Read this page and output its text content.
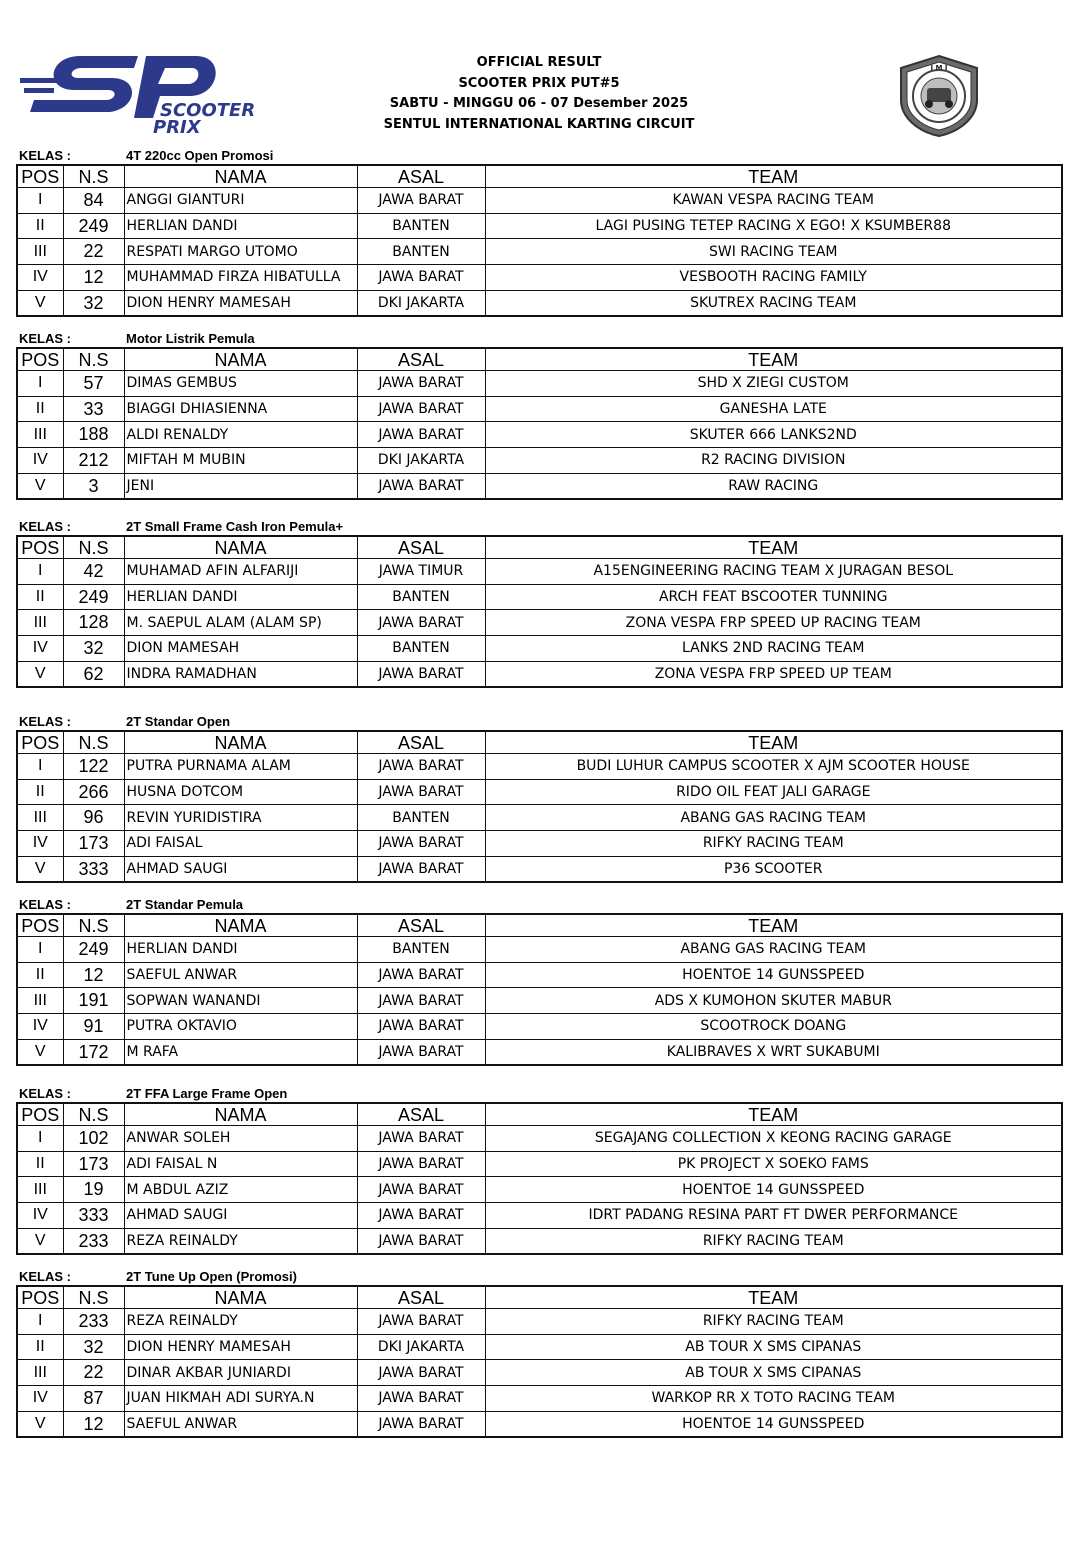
SCOOTER
PRIX
OFFICIAL RESULT
SCOOTER PRIX PUT#5
SABTU - MINGGU 06 - 07 Desember 2025
SENTUL INTERNATIONAL KARTING CIRCUIT
I M I
KELAS :	4T 220cc Open Promosi
POS	N.S	NAMA	ASAL	TEAM
I	84	ANGGI GIANTURI	JAWA BARAT	KAWAN VESPA RACING TEAM
II	249	HERLIAN DANDI	BANTEN	LAGI PUSING TETEP RACING X EGO! X KSUMBER88
III	22	RESPATI MARGO UTOMO	BANTEN	SWI RACING TEAM
IV	12	MUHAMMAD FIRZA HIBATULLA	JAWA BARAT	VESBOOTH RACING FAMILY
V	32	DION HENRY MAMESAH	DKI JAKARTA	SKUTREX RACING TEAM
KELAS :	Motor Listrik Pemula
POS	N.S	NAMA	ASAL	TEAM
I	57	DIMAS GEMBUS	JAWA BARAT	SHD X ZIEGI CUSTOM
II	33	BIAGGI DHIASIENNA	JAWA BARAT	GANESHA LATE
III	188	ALDI RENALDY	JAWA BARAT	SKUTER 666 LANKS2ND
IV	212	MIFTAH M MUBIN	DKI JAKARTA	R2 RACING DIVISION
V	3	JENI	JAWA BARAT	RAW RACING
KELAS :	2T Small Frame Cash Iron Pemula+
POS	N.S	NAMA	ASAL	TEAM
I	42	MUHAMAD AFIN ALFARIJI	JAWA TIMUR	A15ENGINEERING RACING TEAM X JURAGAN BESOL
II	249	HERLIAN DANDI	BANTEN	ARCH FEAT BSCOOTER TUNNING
III	128	M. SAEPUL ALAM (ALAM SP)	JAWA BARAT	ZONA VESPA FRP SPEED UP RACING TEAM
IV	32	DION MAMESAH	BANTEN	LANKS 2ND RACING TEAM
V	62	INDRA RAMADHAN	JAWA BARAT	ZONA VESPA FRP SPEED UP TEAM
KELAS :	2T Standar Open
POS	N.S	NAMA	ASAL	TEAM
I	122	PUTRA PURNAMA ALAM	JAWA BARAT	BUDI LUHUR CAMPUS SCOOTER X AJM SCOOTER HOUSE
II	266	HUSNA DOTCOM	JAWA BARAT	RIDO OIL FEAT JALI GARAGE
III	96	REVIN YURIDISTIRA	BANTEN	ABANG GAS RACING TEAM
IV	173	ADI FAISAL	JAWA BARAT	RIFKY RACING TEAM
V	333	AHMAD SAUGI	JAWA BARAT	P36 SCOOTER
KELAS :	2T Standar Pemula
POS	N.S	NAMA	ASAL	TEAM
I	249	HERLIAN DANDI	BANTEN	ABANG GAS RACING TEAM
II	12	SAEFUL ANWAR	JAWA BARAT	HOENTOE 14 GUNSSPEED
III	191	SOPWAN WANANDI	JAWA BARAT	ADS X KUMOHON SKUTER MABUR
IV	91	PUTRA OKTAVIO	JAWA BARAT	SCOOTROCK DOANG
V	172	M RAFA	JAWA BARAT	KALIBRAVES X WRT SUKABUMI
KELAS :	2T FFA Large Frame Open
POS	N.S	NAMA	ASAL	TEAM
I	102	ANWAR SOLEH	JAWA BARAT	SEGAJANG COLLECTION X KEONG RACING GARAGE
II	173	ADI FAISAL N	JAWA BARAT	PK PROJECT X SOEKO FAMS
III	19	M ABDUL AZIZ	JAWA BARAT	HOENTOE 14 GUNSSPEED
IV	333	AHMAD SAUGI	JAWA BARAT	IDRT PADANG RESINA PART FT DWER PERFORMANCE
V	233	REZA REINALDY	JAWA BARAT	RIFKY RACING TEAM
KELAS :	2T Tune Up Open (Promosi)
POS	N.S	NAMA	ASAL	TEAM
I	233	REZA REINALDY	JAWA BARAT	RIFKY RACING TEAM
II	32	DION HENRY MAMESAH	DKI JAKARTA	AB TOUR X SMS CIPANAS
III	22	DINAR AKBAR JUNIARDI	JAWA BARAT	AB TOUR X SMS CIPANAS
IV	87	JUAN HIKMAH ADI SURYA.N	JAWA BARAT	WARKOP RR X TOTO RACING TEAM
V	12	SAEFUL ANWAR	JAWA BARAT	HOENTOE 14 GUNSSPEED
